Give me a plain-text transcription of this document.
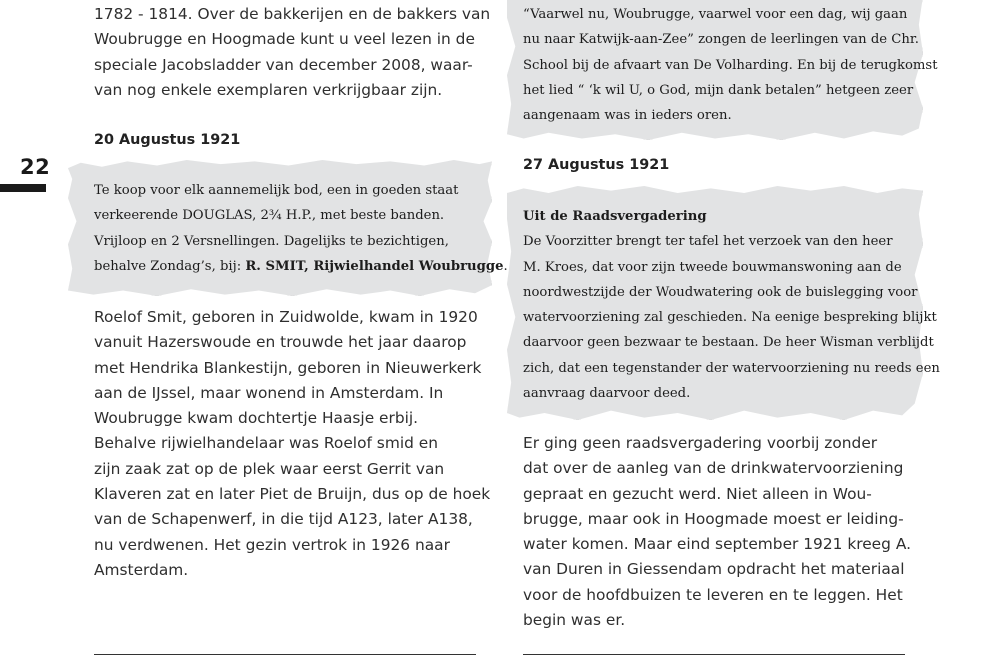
22
1782 - 1814. Over de bakkerijen en de bakkers van
Woubrugge en Hoogmade kunt u veel lezen in de
speciale Jacobsladder van december 2008, waar-
van nog enkele exemplaren verkrijgbaar zijn.
20 Augustus 1921
Te koop voor elk aannemelijk bod, een in goeden staat
verkeerende DOUGLAS, 2¾ H.P., met beste banden.
Vrijloop en 2 Versnellingen. Dagelijks te bezichtigen,
behalve Zondag’s, bij: R. SMIT, Rijwielhandel Woubrugge.
Roelof Smit, geboren in Zuidwolde, kwam in 1920
vanuit Hazerswoude en trouwde het jaar daarop
met Hendrika Blankestijn, geboren in Nieuwerkerk
aan de IJssel, maar wonend in Amsterdam. In
Woubrugge kwam dochtertje Haasje erbij.
Behalve rijwielhandelaar was Roelof smid en
zijn zaak zat op de plek waar eerst Gerrit van
Klaveren zat en later Piet de Bruijn, dus op de hoek
van de Schapenwerf, in die tijd A123, later A138,
nu verdwenen. Het gezin vertrok in 1926 naar
Amsterdam.
“Vaarwel nu, Woubrugge, vaarwel voor een dag, wij gaan
nu naar Katwijk-aan-Zee” zongen de leerlingen van de Chr.
School bij de afvaart van De Volharding. En bij de terugkomst
het lied “ ‘k wil U, o God, mijn dank betalen” hetgeen zeer
aangenaam was in ieders oren.
27 Augustus 1921
Uit de Raadsvergadering
De Voorzitter brengt ter tafel het verzoek van den heer
M. Kroes, dat voor zijn tweede bouwmanswoning aan de
noordwestzijde der Woudwatering ook de buislegging voor
watervoorziening zal geschieden. Na eenige bespreking blijkt
daarvoor geen bezwaar te bestaan. De heer Wisman verblijdt
zich, dat een tegenstander der watervoorziening nu reeds een
aanvraag daarvoor deed.
Er ging geen raadsvergadering voorbij zonder
dat over de aanleg van de drinkwatervoorziening
gepraat en gezucht werd. Niet alleen in Wou-
brugge, maar ook in Hoogmade moest er leiding-
water komen. Maar eind september 1921 kreeg A.
van Duren in Giessendam opdracht het materiaal
voor de hoofdbuizen te leveren en te leggen. Het
begin was er.
